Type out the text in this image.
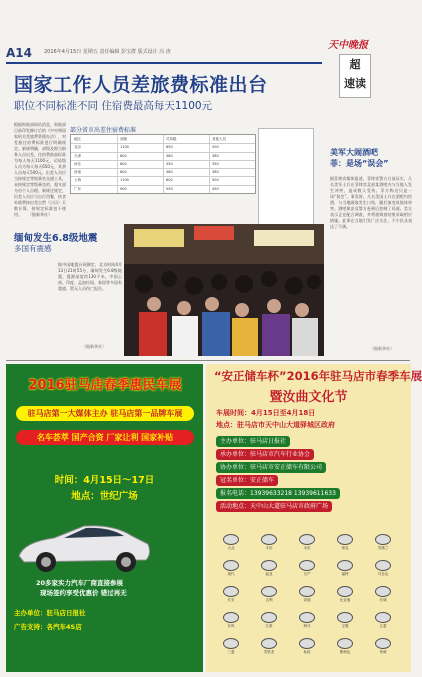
A14 2016年4月15日 星期五 责任编辑 彭宝群 版式设计 冯 涛
天中晚报
超
速读
国家工作人员差旅费标准出台
职位不同标准不同 住宿费最高每天1100元
根据财政部网站消息，财政部日前印发修订后的《中央和国家机关差旅费管理办法》，对差旅住宿费标准进行明确规定。新规明确，部级及相当职务人员出差，住宿费最高标准为每人每天1100元，司局级人员为每人每天650元，其余人员每天500元。出差人员应当按规定等级乘坐交通工具，未按规定等级乘坐的，超支部分由个人自理。新规还规定，出差人员应当自行用餐，伙食补助费按出差自然（日历）天数计算，按规定标准包干使用。	（据新华社）
部分省市出差住宿费标准
地区	部级	司局级	其他人员
北京	1100	650	500
天津	800	480	380
河北	800	450	350
河南	800	480	380
上海	1100	600	500
广东	900	550	450
美军大闹酒吧
菲：是场“误会”
据菲律宾媒体报道，菲律宾警方日前证实，几名美军士兵在菲律宾北部某酒吧内与当地人发生冲突，造成数人受伤。菲方称这只是一场“误会”。事发时，几名美国士兵在酒吧内饮酒，与当地顾客发生口角，随后演变成肢体冲突。酒吧保安及警方赶到后控制了局面。美方表示正在配合调查，并将视调查结果采取相应措施。此事在当地引发广泛关注，不少民众表达了不满。
（据新华社）
缅甸发生6.8级地震
多国有震感
据中国地震台网测定，北京时间4月13日21时55分，缅甸发生6.8级地震，震源深度约130千米。中国云南、印度、孟加拉国、泰国等多国有震感，暂无人员伤亡报告。
（据新华社）
2016驻马店春季惠民车展
驻马店第一大媒体主办 驻马店第一品牌车展
名车荟萃 国产合资 厂家让利 国家补贴
时间：4月15日～17日
地点：世纪广场
20多家实力汽车厂商直接参展
现场签约享受优惠价 错过再无
主办单位：驻马店日报社
广告支持：各汽车4S店
“安正储车杯”2016年驻马店市春季车展
暨汝曲文化节
车展时间：4月15日至4月18日
地点：驻马店市天中山大道驿城区政府
主办单位：驻马店日报社
承办单位：驻马店市汽车行业协会
协办单位：驻马店市安正储车有限公司
冠名单位：安正储车
报名电话：13939633218 13939611633
活动地点：天中山大道驻马店市政府广场
大众	丰田	本田	别克	雪佛兰
现代	起亚	日产	福特	马自达
长安	吉利	奇瑞	比亚迪	长城
东风	江淮	海马	宝骏	五菱
三菱	雪铁龙	标致	斯柯达	荣威
